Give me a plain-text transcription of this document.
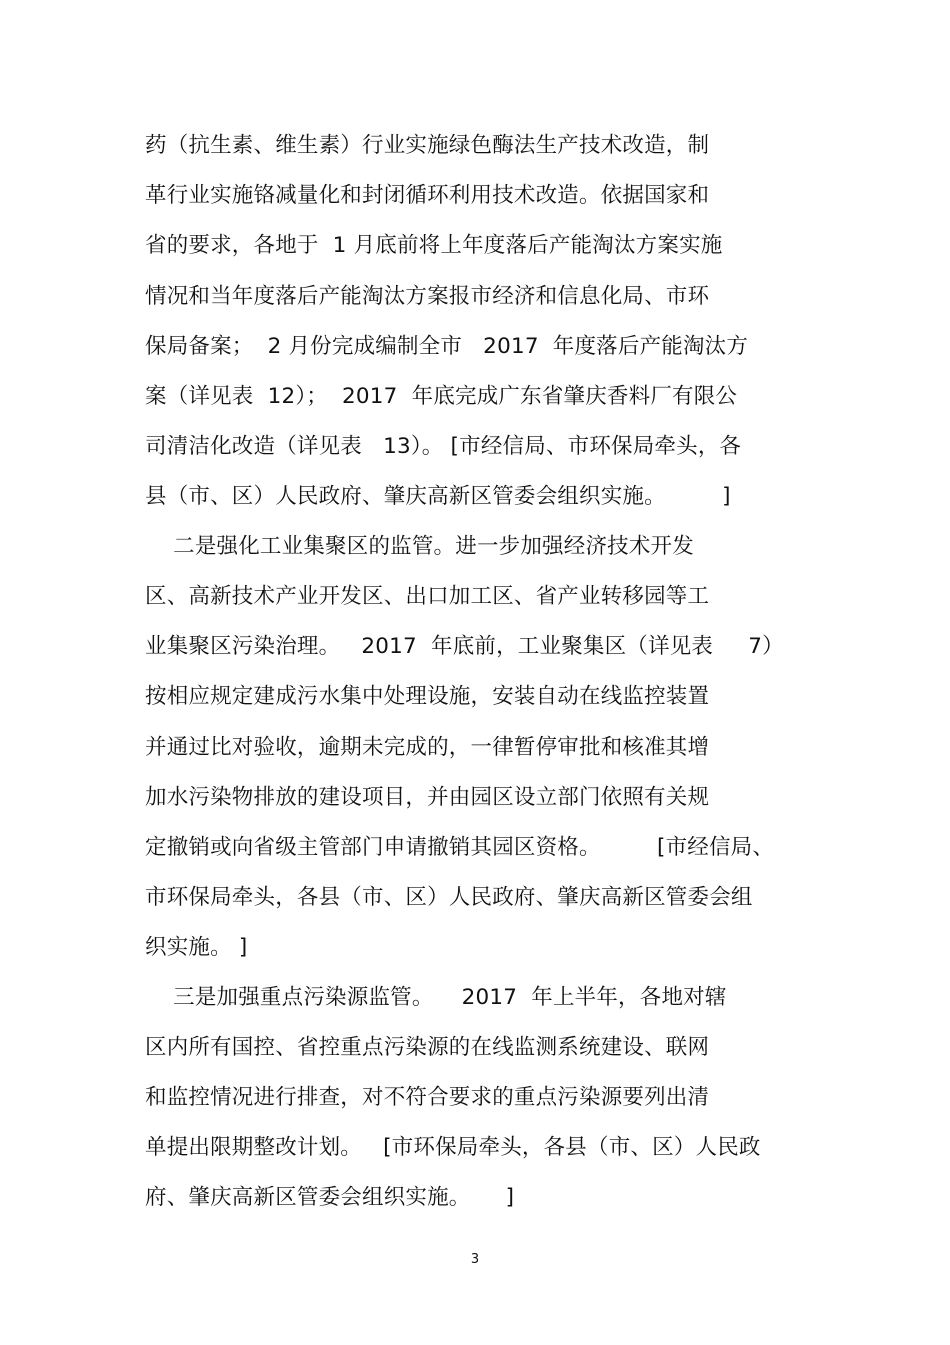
药（抗生素、维生素）行业实施绿色酶法生产技术改造，制
革行业实施铬减量化和封闭循环利用技术改造。依据国家和
省的要求，各地于  1 月底前将上年度落后产能淘汰方案实施
情况和当年度落后产能淘汰方案报市经济和信息化局、市环
保局备案；  2 月份完成编制全市   2017  年度落后产能淘汰方
案（详见表  12）；  2017  年底完成广东省肇庆香料厂有限公
司清洁化改造（详见表   13）。 [市经信局、市环保局牵头，各
县（市、区）人民政府、肇庆高新区管委会组织实施。        ]
二是强化工业集聚区的监管。进一步加强经济技术开发
区、高新技术产业开发区、出口加工区、省产业转移园等工
业集聚区污染治理。   2017  年底前，工业聚集区（详见表     7）
按相应规定建成污水集中处理设施，安装自动在线监控装置
并通过比对验收，逾期未完成的，一律暂停审批和核准其增
加水污染物排放的建设项目，并由园区设立部门依照有关规
定撤销或向省级主管部门申请撤销其园区资格。        [市经信局、
市环保局牵头，各县（市、区）人民政府、肇庆高新区管委会组
织实施。 ]
三是加强重点污染源监管。    2017  年上半年，各地对辖
区内所有国控、省控重点污染源的在线监测系统建设、联网
和监控情况进行排查，对不符合要求的重点污染源要列出清
单提出限期整改计划。   [市环保局牵头，各县（市、区）人民政
府、肇庆高新区管委会组织实施。     ]
3
